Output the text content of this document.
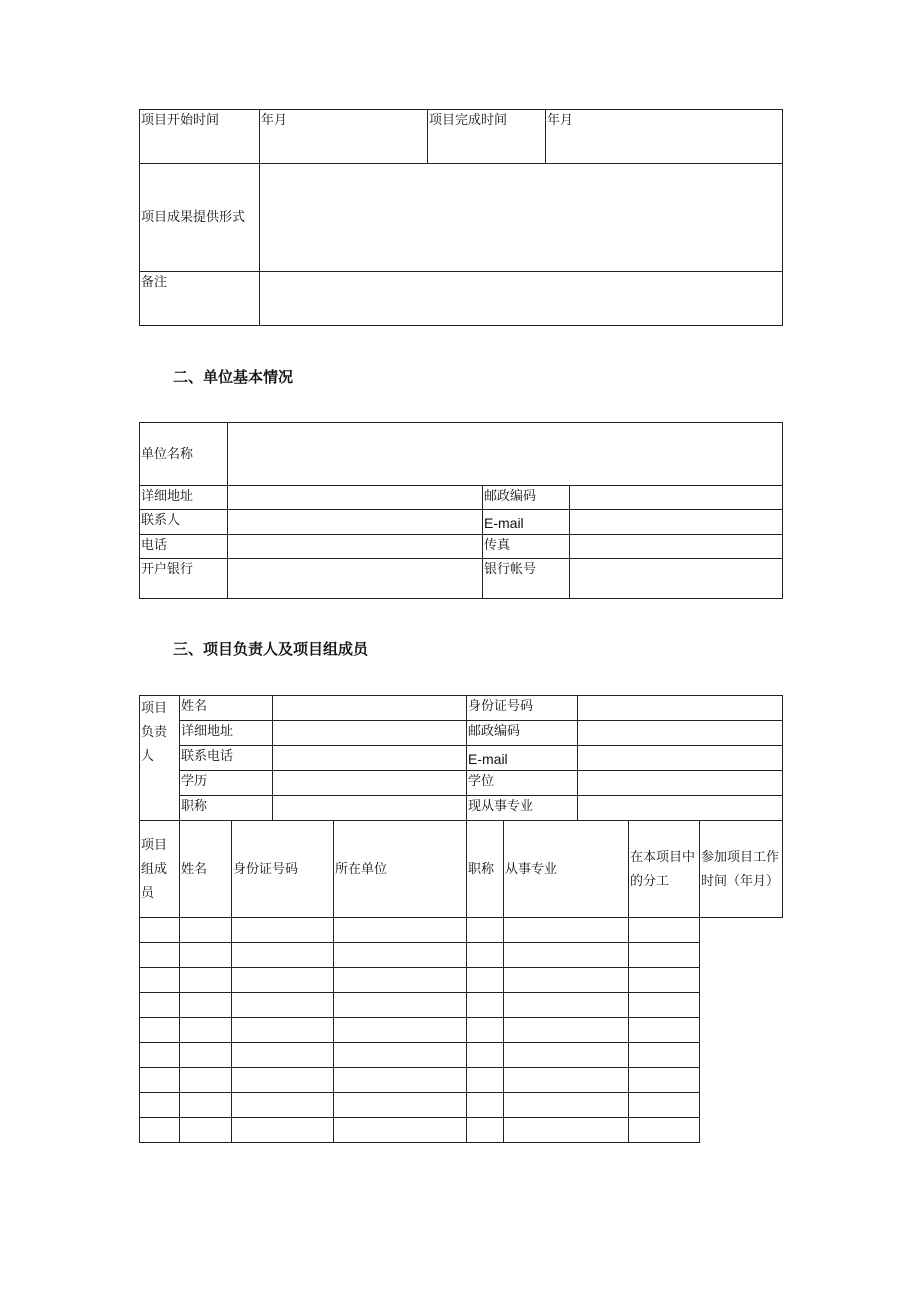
项目开始时间	年月	项目完成时间	年月
项目成果提供形式			
备注			
二、单位基本情况
单位名称			
详细地址		邮政编码	
联系人		E-mail	
电话		传真	
开户银行		银行帐号	
三、项目负责人及项目组成员
项目负责人	姓名		身份证号码	
	详细地址		邮政编码	
	联系电话		E-mail	
	学历		学位	
	职称		现从事专业	
项目组成员	姓名	身份证号码	所在单位	职称	从事专业	在本项目中的分工	参加项目工作时间（年月）
